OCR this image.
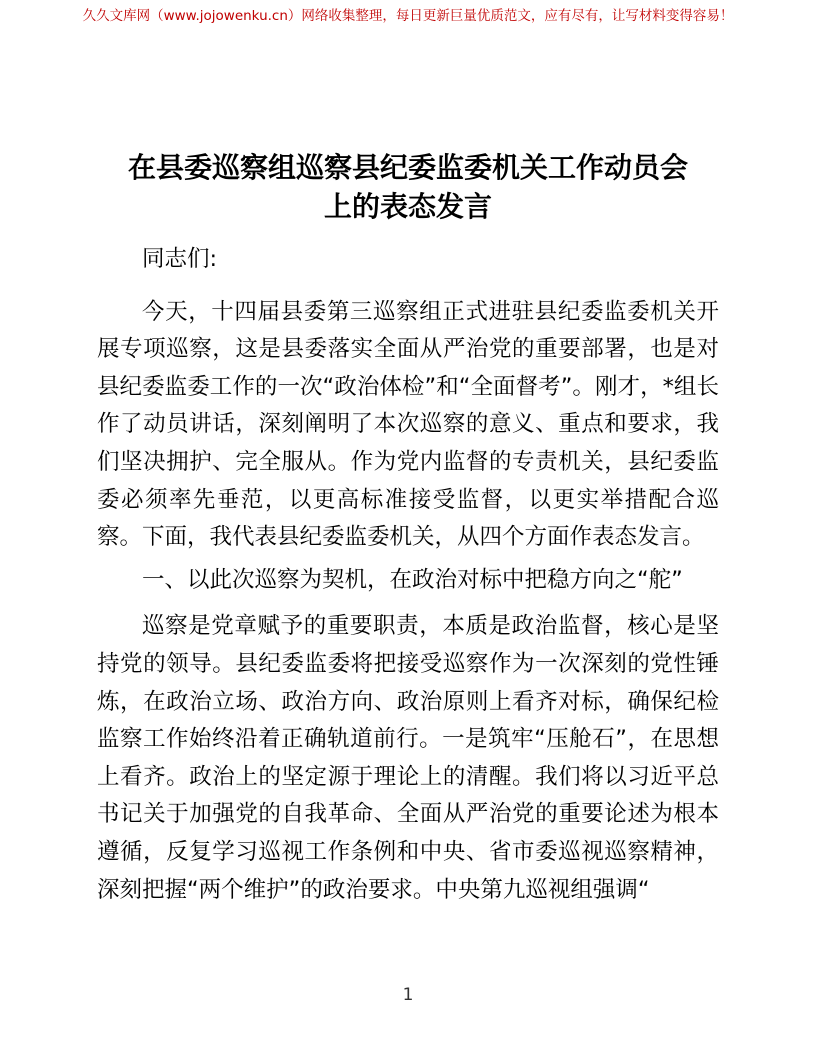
久久文库网（www.jojowenku.cn）网络收集整理，每日更新巨量优质范文，应有尽有，让写材料变得容易！
在县委巡察组巡察县纪委监委机关工作动员会
上的表态发言

同志们:

今天，十四届县委第三巡察组正式进驻县纪委监委机关开展专项巡察，这是县委落实全面从严治党的重要部署，也是对县纪委监委工作的一次“政治体检”和“全面督考”。刚才，*组长作了动员讲话，深刻阐明了本次巡察的意义、重点和要求，我们坚决拥护、完全服从。作为党内监督的专责机关，县纪委监委必须率先垂范，以更高标准接受监督，以更实举措配合巡察。下面，我代表县纪委监委机关，从四个方面作表态发言。

一、以此次巡察为契机，在政治对标中把稳方向之“舵”

巡察是党章赋予的重要职责，本质是政治监督，核心是坚持党的领导。县纪委监委将把接受巡察作为一次深刻的党性锤炼，在政治立场、政治方向、政治原则上看齐对标，确保纪检监察工作始终沿着正确轨道前行。一是筑牢“压舱石”，在思想上看齐。政治上的坚定源于理论上的清醒。我们将以习近平总书记关于加强党的自我革命、全面从严治党的重要论述为根本遵循，反复学习巡视工作条例和中央、省市委巡视巡察精神，深刻把握“两个维护”的政治要求。中央第九巡视组强调“

1
